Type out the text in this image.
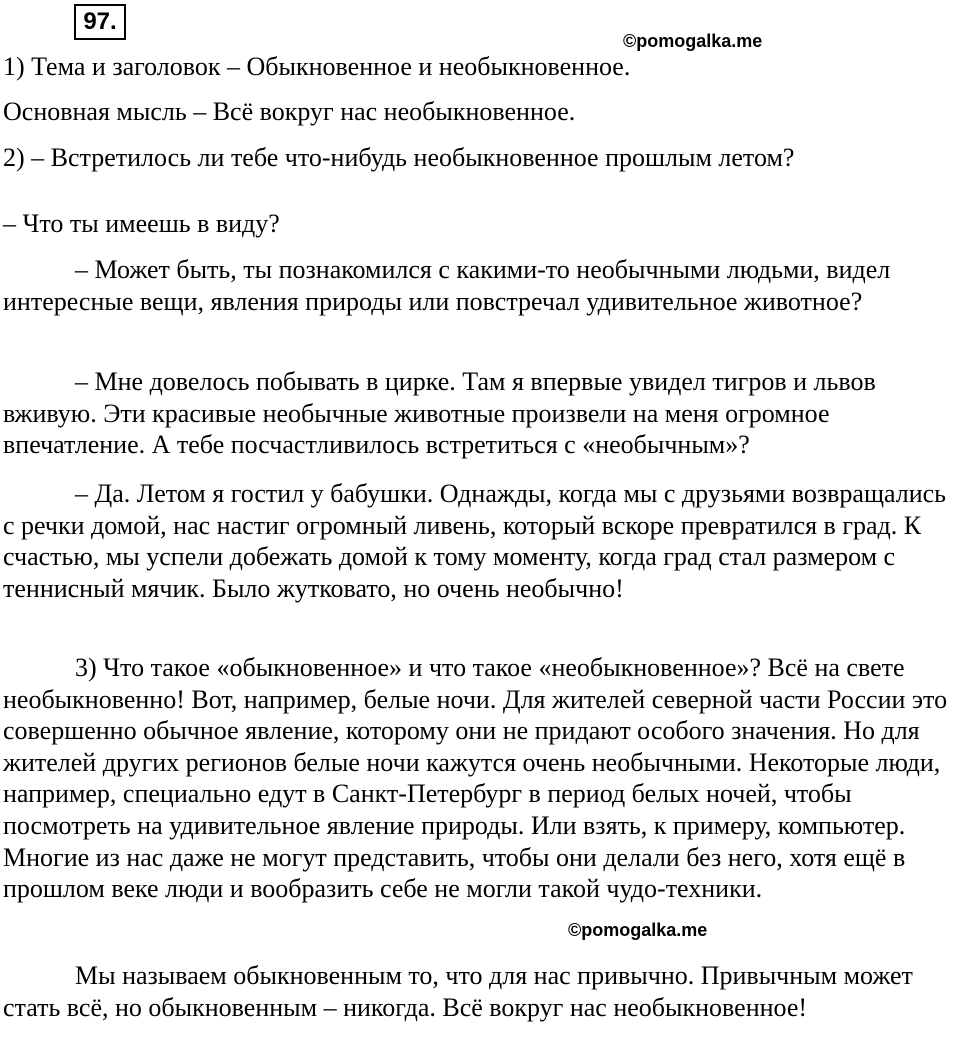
97.
©pomogalka.me

1) Тема и заголовок – Обыкновенное и необыкновенное.

Основная мысль – Всё вокруг нас необыкновенное.

2) – Встретилось ли тебе что-нибудь необыкновенное прошлым летом?

– Что ты имеешь в виду?

– Может быть, ты познакомился с какими-то необычными людьми, видел интересные вещи, явления природы или повстречал удивительное животное?

– Мне довелось побывать в цирке. Там я впервые увидел тигров и львов вживую. Эти красивые необычные животные произвели на меня огромное впечатление. А тебе посчастливилось встретиться с «необычным»?

– Да. Летом я гостил у бабушки. Однажды, когда мы с друзьями возвращались с речки домой, нас настиг огромный ливень, который вскоре превратился в град. К счастью, мы успели добежать домой к тому моменту, когда град стал размером с теннисный мячик. Было жутковато, но очень необычно!

3) Что такое «обыкновенное» и что такое «необыкновенное»? Всё на свете необыкновенно! Вот, например, белые ночи. Для жителей северной части России это совершенно обычное явление, которому они не придают особого значения. Но для жителей других регионов белые ночи кажутся очень необычными. Некоторые люди, например, специально едут в Санкт-Петербург в период белых ночей, чтобы посмотреть на удивительное явление природы. Или взять, к примеру, компьютер. Многие из нас даже не могут представить, чтобы они делали без него, хотя ещё в прошлом веке люди и вообразить себе не могли такой чудо-техники.

©pomogalka.me

Мы называем обыкновенным то, что для нас привычно. Привычным может стать всё, но обыкновенным – никогда. Всё вокруг нас необыкновенное!
